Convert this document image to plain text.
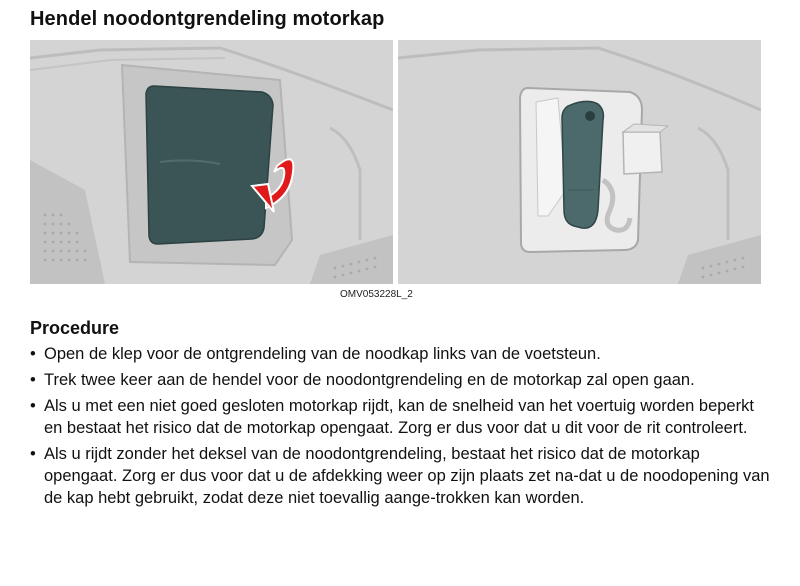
Hendel noodontgrendeling motorkap
OMV053228L_2
Procedure
• Open de klep voor de ontgrendeling van de noodkap links van de voetsteun.
• Trek twee keer aan de hendel voor de noodontgrendeling en de motorkap zal open gaan.
• Als u met een niet goed gesloten motorkap rijdt, kan de snelheid van het voertuig worden beperkt en bestaat het risico dat de motorkap opengaat. Zorg er dus voor dat u dit voor de rit controleert.
• Als u rijdt zonder het deksel van de noodontgrendeling, bestaat het risico dat de motorkap opengaat. Zorg er dus voor dat u de afdekking weer op zijn plaats zet na-dat u de noodopening van de kap hebt gebruikt, zodat deze niet toevallig aange-trokken kan worden.
